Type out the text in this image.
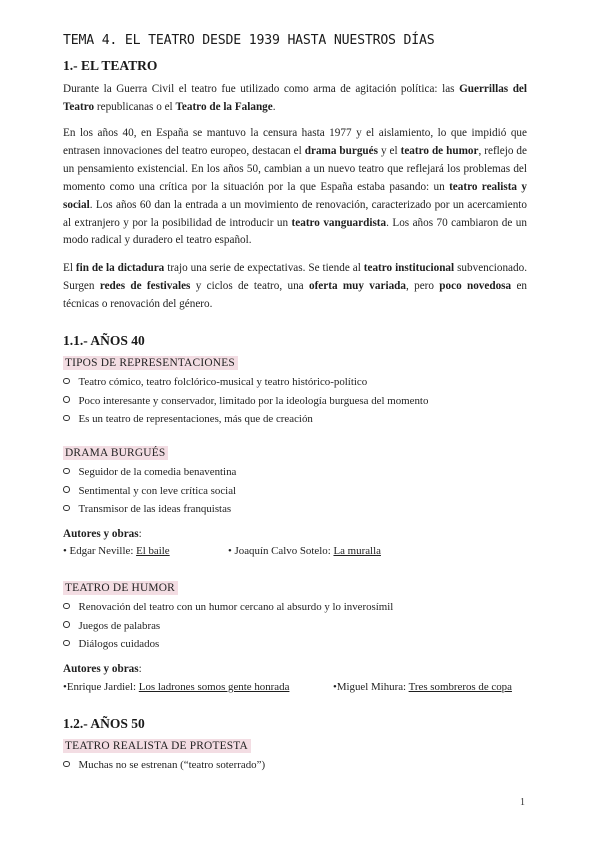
TEMA 4. EL TEATRO DESDE 1939 HASTA NUESTROS DÍAS
1.- EL TEATRO

Durante la Guerra Civil el teatro fue utilizado como arma de agitación política: las Guerrillas del Teatro republicanas o el Teatro de la Falange.

En los años 40, en España se mantuvo la censura hasta 1977 y el aislamiento, lo que impidió que entrasen innovaciones del teatro europeo, destacan el drama burgués y el teatro de humor, reflejo de un pensamiento existencial. En los años 50, cambian a un nuevo teatro que reflejará los problemas del momento como una crítica por la situación por la que España estaba pasando: un teatro realista y social. Los años 60 dan la entrada a un movimiento de renovación, caracterizado por un acercamiento al extranjero y por la posibilidad de introducir un teatro vanguardista. Los años 70 cambiaron de un modo radical y duradero el teatro español.

El fin de la dictadura trajo una serie de expectativas. Se tiende al teatro institucional subvencionado. Surgen redes de festivales y ciclos de teatro, una oferta muy variada, pero poco novedosa en técnicas o renovación del género.

1.1.- AÑOS 40
TIPOS DE REPRESENTACIONES
Teatro cómico, teatro folclórico-musical y teatro histórico-político
Poco interesante y conservador, limitado por la ideología burguesa del momento
Es un teatro de representaciones, más que de creación
DRAMA BURGUÉS
Seguidor de la comedia benaventina
Sentimental y con leve crítica social
Transmisor de las ideas franquistas
Autores y obras:
• Edgar Neville: El baile	• Joaquín Calvo Sotelo: La muralla
TEATRO DE HUMOR
Renovación del teatro con un humor cercano al absurdo y lo inverosímil
Juegos de palabras
Diálogos cuidados
Autores y obras:
•Enrique Jardiel: Los ladrones somos gente honrada	•Miguel Mihura: Tres sombreros de copa
1.2.- AÑOS 50
TEATRO REALISTA DE PROTESTA
Muchas no se estrenan (“teatro soterrado”)
1
